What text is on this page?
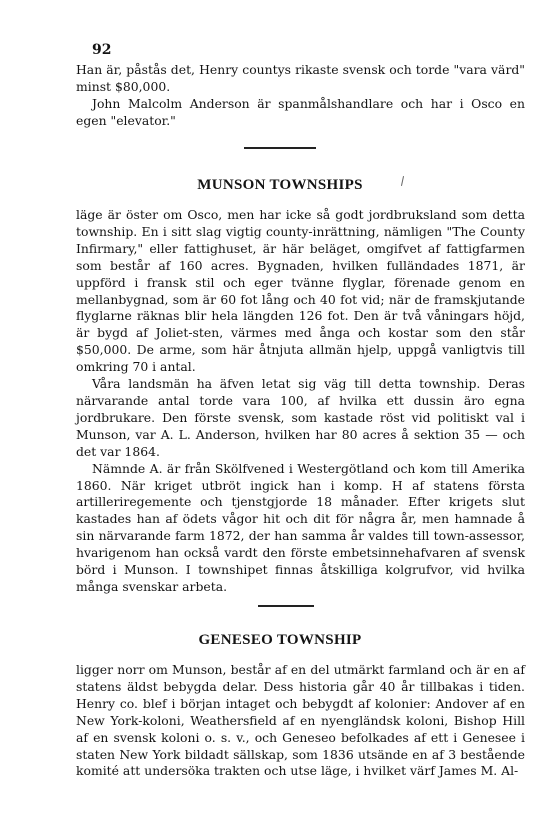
92

Han är, påstås det, Henry countys rikaste svensk och torde "vara värd" minst $80,000.

John Malcolm Anderson är spanmålshandlare och har i Osco en egen "elevator."

MUNSON TOWNSHIPS

läge är öster om Osco, men har icke så godt jordbruksland som detta township. En i sitt slag vigtig county-inrättning, nämligen "The County Infirmary," eller fattighuset, är här beläget, omgifvet af fattigfarmen som består af 160 acres. Bygnaden, hvilken fulländades 1871, är uppförd i fransk stil och eger tvänne flyglar, förenade genom en mellanbygnad, som är 60 fot lång och 40 fot vid; när de framskjutande flyglarne räknas blir hela längden 126 fot. Den är två våningars höjd, är bygd af Joliet-sten, värmes med ånga och kostar som den står $50,000. De arme, som här åtnjuta allmän hjelp, uppgå vanligtvis till omkring 70 i antal.

Våra landsmän ha äfven letat sig väg till detta township. Deras närvarande antal torde vara 100, af hvilka ett dussin äro egna jordbrukare. Den förste svensk, som kastade röst vid politiskt val i Munson, var A. L. Anderson, hvilken har 80 acres å sektion 35 — och det var 1864.

Nämnde A. är från Skölfvened i Westergötland och kom till Amerika 1860. När kriget utbröt ingick han i komp. H af statens första artilleriregemente och tjenstgjorde 18 månader. Efter krigets slut kastades han af ödets vågor hit och dit för några år, men hamnade å sin närvarande farm 1872, der han samma år valdes till town-assessor, hvarigenom han också vardt den förste embetsinnehafvaren af svensk börd i Munson. I townshipet finnas åtskilliga kolgrufvor, vid hvilka många svenskar arbeta.

GENESEO TOWNSHIP

ligger norr om Munson, består af en del utmärkt farmland och är en af statens äldst bebygda delar. Dess historia går 40 år tillbakas i tiden. Henry co. blef i början intaget och bebygdt af kolonier: Andover af en New York-koloni, Weathersfield af en nyengländsk koloni, Bishop Hill af en svensk koloni o. s. v., och Geneseo befolkades af ett i Genesee i staten New York bildadt sällskap, som 1836 utsände en af 3 bestående komité att undersöka trakten och utse läge, i hvilket värf James M. Al-
